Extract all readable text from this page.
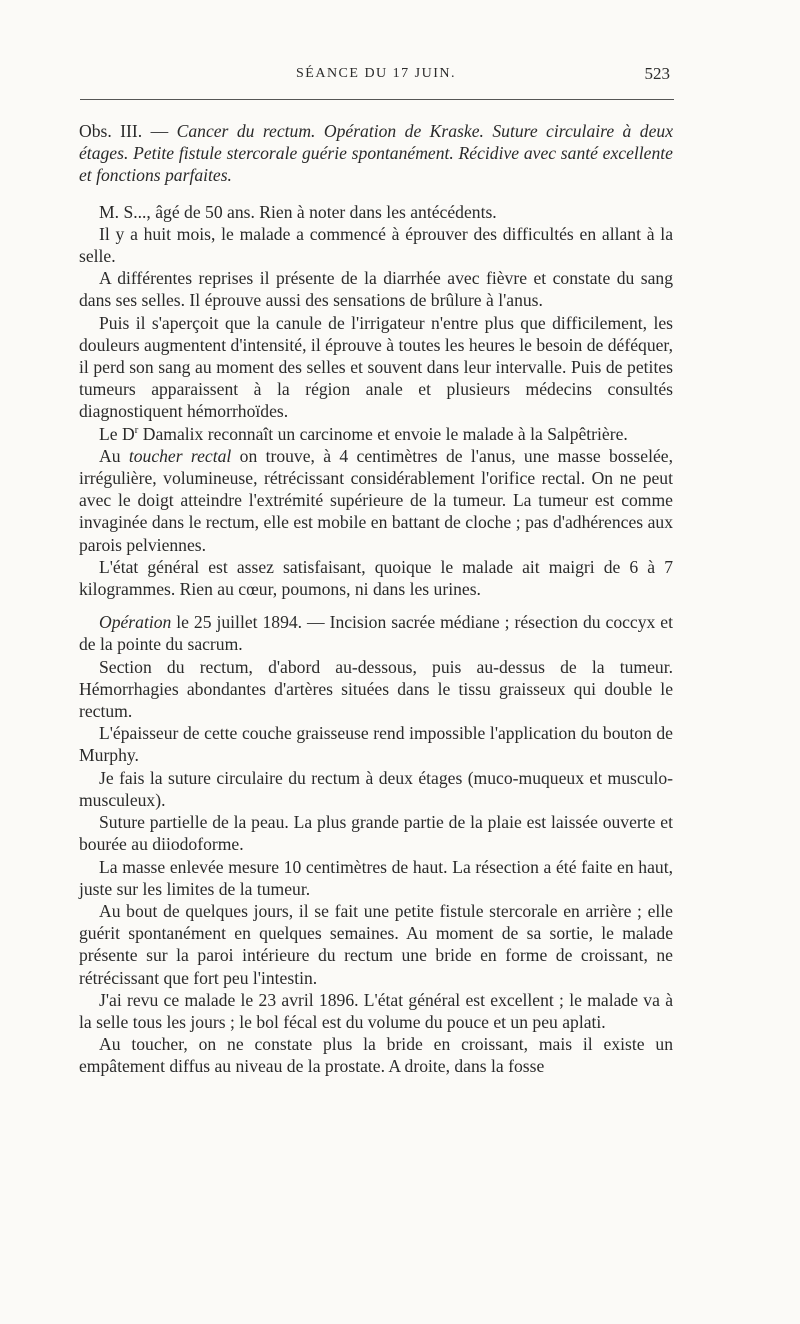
SÉANCE DU 17 JUIN.	523
Obs. III. — Cancer du rectum. Opération de Kraske. Suture circulaire à deux étages. Petite fistule stercorale guérie spontanément. Récidive avec santé excellente et fonctions parfaites.

M. S..., âgé de 50 ans. Rien à noter dans les antécédents.

Il y a huit mois, le malade a commencé à éprouver des difficultés en allant à la selle.

A différentes reprises il présente de la diarrhée avec fièvre et constate du sang dans ses selles. Il éprouve aussi des sensations de brûlure à l'anus.

Puis il s'aperçoit que la canule de l'irrigateur n'entre plus que difficilement, les douleurs augmentent d'intensité, il éprouve à toutes les heures le besoin de déféquer, il perd son sang au moment des selles et souvent dans leur intervalle. Puis de petites tumeurs apparaissent à la région anale et plusieurs médecins consultés diagnostiquent hémorrhoïdes.

Le $D^r$ Damalix reconnaît un carcinome et envoie le malade à la Salpêtrière.

Au toucher rectal on trouve, à 4 centimètres de l'anus, une masse bosselée, irrégulière, volumineuse, rétrécissant considérablement l'orifice rectal. On ne peut avec le doigt atteindre l'extrémité supérieure de la tumeur. La tumeur est comme invaginée dans le rectum, elle est mobile en battant de cloche ; pas d'adhérences aux parois pelviennes.

L'état général est assez satisfaisant, quoique le malade ait maigri de 6 à 7 kilogrammes. Rien au cœur, poumons, ni dans les urines.

Opération le 25 juillet 1894. — Incision sacrée médiane ; résection du coccyx et de la pointe du sacrum.

Section du rectum, d'abord au-dessous, puis au-dessus de la tumeur. Hémorrhagies abondantes d'artères situées dans le tissu graisseux qui double le rectum.

L'épaisseur de cette couche graisseuse rend impossible l'application du bouton de Murphy.

Je fais la suture circulaire du rectum à deux étages (muco-muqueux et musculo-musculeux).

Suture partielle de la peau. La plus grande partie de la plaie est laissée ouverte et bourée au diiodoforme.

La masse enlevée mesure 10 centimètres de haut. La résection a été faite en haut, juste sur les limites de la tumeur.

Au bout de quelques jours, il se fait une petite fistule stercorale en arrière ; elle guérit spontanément en quelques semaines. Au moment de sa sortie, le malade présente sur la paroi intérieure du rectum une bride en forme de croissant, ne rétrécissant que fort peu l'intestin.

J'ai revu ce malade le 23 avril 1896. L'état général est excellent ; le malade va à la selle tous les jours ; le bol fécal est du volume du pouce et un peu aplati.

Au toucher, on ne constate plus la bride en croissant, mais il existe un empâtement diffus au niveau de la prostate. A droite, dans la fosse
